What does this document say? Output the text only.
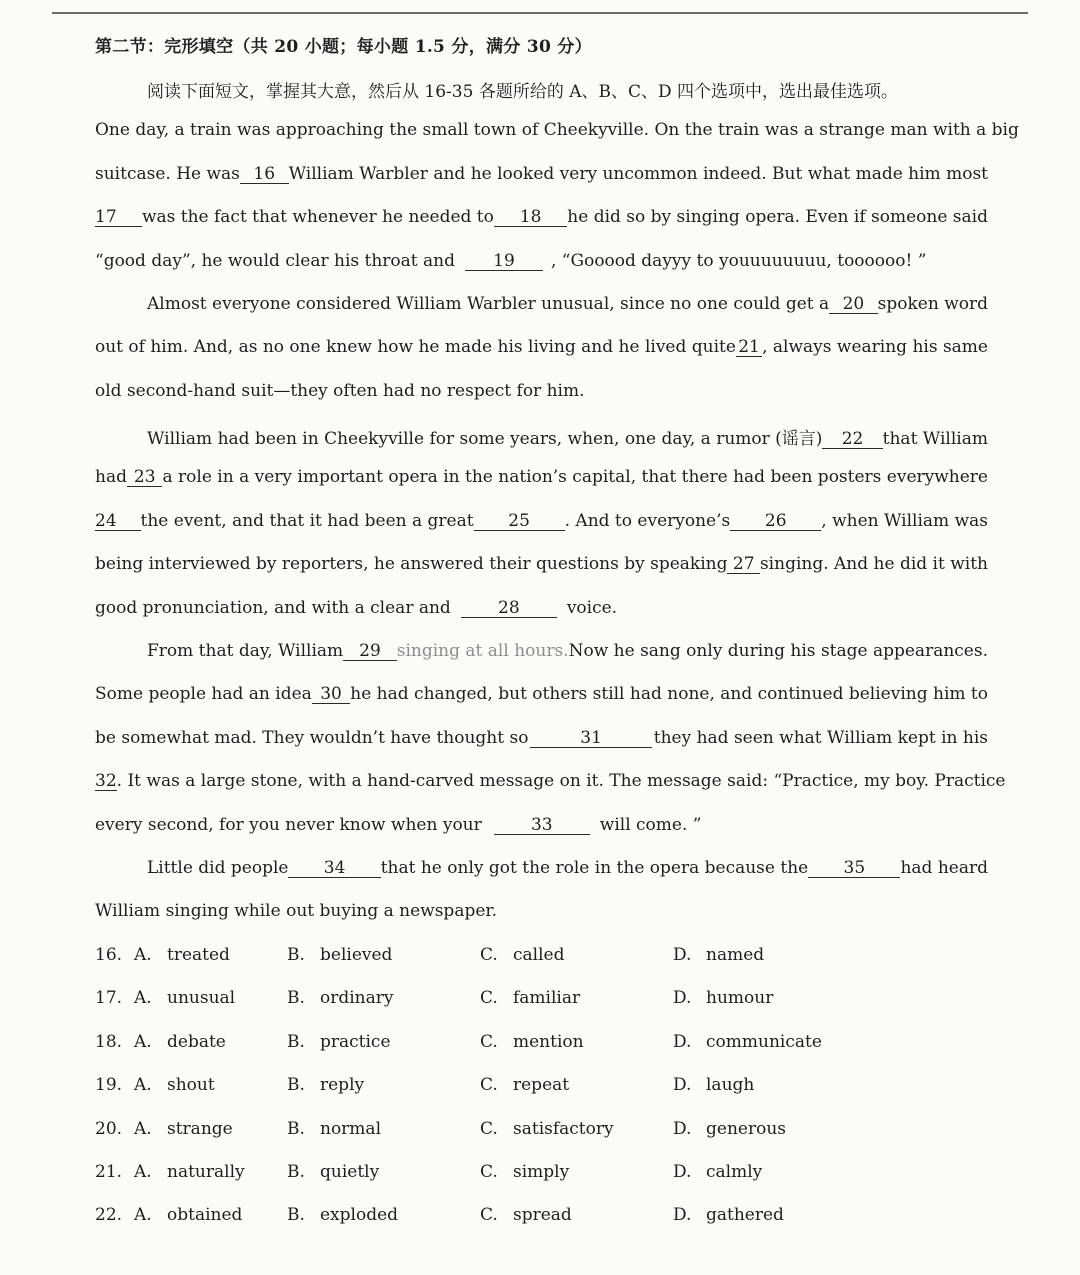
第二节：完形填空（共 20 小题；每小题 1.5 分，满分 30 分）
阅读下面短文，掌握其大意，然后从 16-35 各题所给的 A、B、C、D 四个选项中，选出最佳选项。
One day, a train was approaching the small town of Cheekyville. On the train was a strange man with a big
suitcase. He was 16 William Warbler and he looked very uncommon indeed. But what made him most
17	was the fact that whenever he needed to	18	he did so by singing opera. Even if someone said
“good day”, he would clear his throat and	19	, “Gooood dayyy to youuuuuuuu, toooooo! ”
Almost everyone considered William Warbler unusual, since no one could get a 20 spoken word
out of him. And, as no one knew how he made his living and he lived quite 21 , always wearing his same
old second-hand suit—they often had no respect for him.
William had been in Cheekyville for some years, when, one day, a rumor (谣言)	22	that William
had 23 a role in a very important opera in the nation’s capital, that there had been posters everywhere
24	the event, and that it had been a great	25	. And to everyone’s	26	, when William was
being interviewed by reporters, he answered their questions by speaking 27 singing. And he did it with
good pronunciation, and with a clear and	28	voice.
From that day, William 29 singing at all hours. Now he sang only during his stage appearances.
Some people had an idea 30 he had changed, but others still had none, and continued believing him to
be somewhat mad. They wouldn’t have thought so	31	they had seen what William kept in his
32 . It was a large stone, with a hand-carved message on it. The message said: “Practice, my boy. Practice
every second, for you never know when your	33	will come. ”
Little did people	34	that he only got the role in the opera because the	35	had heard
William singing while out buying a newspaper.
16. A. treated	B. believed	C. called	D. named
17. A. unusual	B. ordinary	C. familiar	D. humour
18. A. debate	B. practice	C. mention	D. communicate
19. A. shout	B. reply	C. repeat	D. laugh
20. A. strange	B. normal	C. satisfactory	D. generous
21. A. naturally B. quietly	C. simply	D. calmly
22. A. obtained	B. exploded	C. spread	D. gathered
